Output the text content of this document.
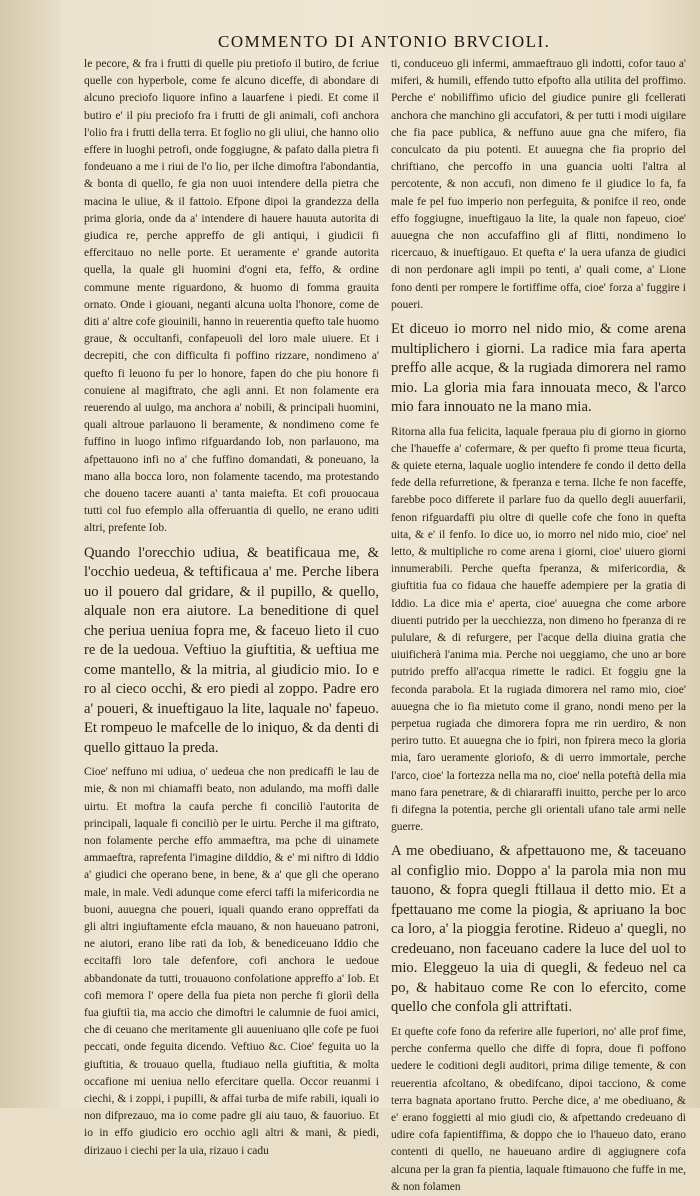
COMMENTO DI ANTONIO BRVCIOLI.

le pecore, & fra i frutti di quelle piu pretiofo il butiro, de fcriue quelle con hyperbole, come fe alcuno diceffe, di abondare di alcuno preciofo liquore infino a lauarfene i piedi. Et come il butiro e' il piu preciofo fra i frutti de gli animali, cofi anchora l'olio fra i frutti della terra. Et foglio no gli uliui, che hanno olio effere in luoghi petrofi, onde foggiugne, & pafato dalla pietra fi fondeuano a me i riui de l'o lio, per ilche dimoftra l'abondantia, & bonta di quello, fe gia non uuoi intendere della pietra che macina le uliue, & il fattoio. Efpone dipoi la grandezza della prima gloria, onde da a' intendere di hauere hauuta autorita di giudica re, perche appreffo de gli antiqui, i giudicii fi effercitauo no nelle porte. Et ueramente e' grande autorita quella, la quale gli huomini d'ogni eta, feffo, & ordine commune mente riguardono, & huomo di fomma grauita ornato. Onde i giouani, neganti alcuna uolta l'honore, come de diti a' altre cofe giouinili, hanno in reuerentia quefto tale huomo graue, & occultanfi, confapeuoli del loro male uiuere. Et i decrepiti, che con difficulta fi poffino rizzare, nondimeno a' quefto fi leuono fu per lo honore, fapen do che piu honore fi conuiene al magiftrato, che agli anni. Et non folamente era reuerendo al uulgo, ma anchora a' nobili, & principali huomini, quali altroue parlauono li beramente, & nondimeno come fe fuffino in luogo infimo rifguardando Iob, non parlauono, ma afpettauono infi no a' che fuffino domandati, & poneuano, la mano alla bocca loro, non folamente tacendo, ma protestando che doueno tacere auanti a' tanta maiefta. Et cofi prouocaua tutti col fuo efemplo alla offeruantia di quello, ne erano uditi altri, prefente Iob.

Quando l'orecchio udiua, & beatificaua me, & l'occhio uedeua, & teftificaua a' me. Perche libera uo il pouero dal gridare, & il pupillo, & quello, alquale non era aiutore. La beneditione di quel che periua ueniua fopra me, & faceuo lieto il cuo re de la uedoua. Veftiuo la giuftitia, & ueftiua me come mantello, & la mitria, al giudicio mio. Io e ro al cieco occhi, & ero piedi al zoppo. Padre ero a' poueri, & inueftigauo la lite, laquale no' fapeuo. Et rompeuo le mafcelle de lo iniquo, & da denti di quello gittauo la preda.

Cioe' neffuno mi udiua, o' uedeua che non predicaffi le lau de mie, & non mi chiamaffi beato, non adulando, ma moffi dalle uirtu. Et moftra la caufa perche fi conciliò l'autorita de principali, laquale fi conciliò per le uirtu. Perche il ma giftrato, non folamente perche effo ammaeftra, ma pche di uinamete ammaeftra, raprefenta l'imagine diIddio, & e' mi niftro di Iddio a' giudici che operano bene, in bene, & a' que gli che operano male, in male. Vedi adunque come eferci taffi la mifericordia ne buoni, auuegna che poueri, iquali quando erano oppreffati da gli altri ingiuftamente efcla mauano, & non haueuano patroni, ne aiutori, erano libe rati da Iob, & benediceuano Iddio che eccitaffi loro tale defenfore, cofi anchora le uedoue abbandonate da tutti, trouauono confolatione appreffo a' Iob. Et cofi memora l' opere della fua pieta non perche fi gloriì della fua giuftiì tia, ma accio che dimoftri le calumnie de fuoi amici, che di ceuano che meritamente gli auueniuano qlle cofe pe fuoi peccati, onde feguita dicendo. Veftiuo &c. Cioe' feguita uo la giuftitia, & trouauo quella, ftudiauo nella giuftitia, & molta occafione mi ueniua nello efercitare quella. Occor reuanmi i ciechi, & i zoppi, i pupilli, & affai turba de mife rabili, iquali io non difprezauo, ma io come padre gli aiu tauo, & fauoriuo. Et io in effo giudicio ero occhio agli altri & mani, & piedi, dirizauo i ciechi per la uia, rizauo i cadu

ti, conduceuo gli infermi, ammaeftrauo gli indotti, cofor tauo a' miferi, & humili, effendo tutto efpofto alla utilita del proffimo. Perche e' nobiliffimo uficio del giudice punire gli fcellerati anchora che manchino gli accufatori, & per tutti i modi uigilare che fia pace publica, & neffuno auue gna che mifero, fia conculcato da piu potenti. Et auuegna che fia proprio del chriftiano, che percoffo in una guancia uolti l'altra al percotente, & non accufi, non dimeno fe il giudice lo fa, fa male fe pel fuo imperio non perfeguita, & ponifce il reo, onde effo foggiugne, inueftigauo la lite, la quale non fapeuo, cioe' auuegna che non accufaffino gli af flitti, nondimeno lo ricercauo, & inueftigauo. Et quefta e' la uera ufanza de giudici di non perdonare agli impii po tenti, a' quali come, a' Lione fono denti per rompere le fortiffime offa, cioe' forza a' fuggire i poueri.

Et diceuo io morro nel nido mio, & come arena multiplichero i giorni. La radice mia fara aperta preffo alle acque, & la rugiada dimorera nel ramo mio. La gloria mia fara innouata meco, & l'arco mio fara innouato ne la mano mia.

Ritorna alla fua felicita, laquale fperaua piu di giorno in giorno che l'haueffe a' cofermare, & per quefto fi prome tteua ficurta, & quiete eterna, laquale uoglio intendere fe condo il detto della fede della refurretione, & fperanza e terna. Ilche fe non faceffe, farebbe poco differete il parlare fuo da quello degli auuerfarii, fenon rifguardaffi piu oltre di quelle cofe che fono in quefta uita, & e' il fenfo. Io dice uo, io morro nel nido mio, cioe' nel letto, & multipliche ro come arena i giorni, cioe' uiuero giorni innumerabili. Perche quefta fperanza, & mifericordia, & giuftitia fua co fidaua che haueffe adempiere per la gratia di Iddio. La dice mia e' aperta, cioe' auuegna che come arbore diuenti putrido per la uecchiezza, non dimeno ho fperanza di re pululare, & di refurgere, per l'acque della diuina gratia che uiuificherà l'anima mia. Perche noi ueggiamo, che uno ar bore putrido preffo all'acqua rimette le radici. Et foggiu gne la feconda parabola. Et la rugiada dimorera nel ramo mio, cioe' auuegna che io fia mietuto come il grano, nondi meno per la perpetua rugiada che dimorera fopra me rin uerdiro, & non periro tutto. Et auuegna che io fpiri, non fpirera meco la gloria mia, faro ueramente gloriofo, & di uerro immortale, perche l'arco, cioe' la fortezza nella ma no, cioe' nella poteftà della mia mano fara penetrare, & di chiararaffi inuitto, perche per lo arco fi difegna la potentia, perche gli orientali ufano tale armi nelle guerre.

A me obediuano, & afpettauono me, & taceuano al configlio mio. Doppo a' la parola mia non mu tauono, & fopra quegli ftillaua il detto mio. Et a fpettauano me come la piogia, & apriuano la boc ca loro, a' la pioggia ferotine. Rideuo a' quegli, no credeuano, non faceuano cadere la luce del uol to mio. Eleggeuo la uia di quegli, & fedeuo nel ca po, & habitauo come Re con lo efercito, come quello che confola gli attriftati.

Et quefte cofe fono da referire alle fuperiori, no' alle prof fime, perche conferma quello che diffe di fopra, doue fi poffono uedere le coditioni degli auditori, prima dilige temente, & con reuerentia afcoltano, & obedifcano, dipoi tacciono, & come terra bagnata aportano frutto. Perche dice, a' me obediuano, & e' erano foggietti al mio giudi cio, & afpettando credeuano di udire cofa fapientiffima, & doppo che io l'haueuo dato, erano contenti di quello, ne haueuano ardire di aggiugnere cofa alcuna per la gran fa pientia, laquale ftimauono che fuffe in me, & non folamen
